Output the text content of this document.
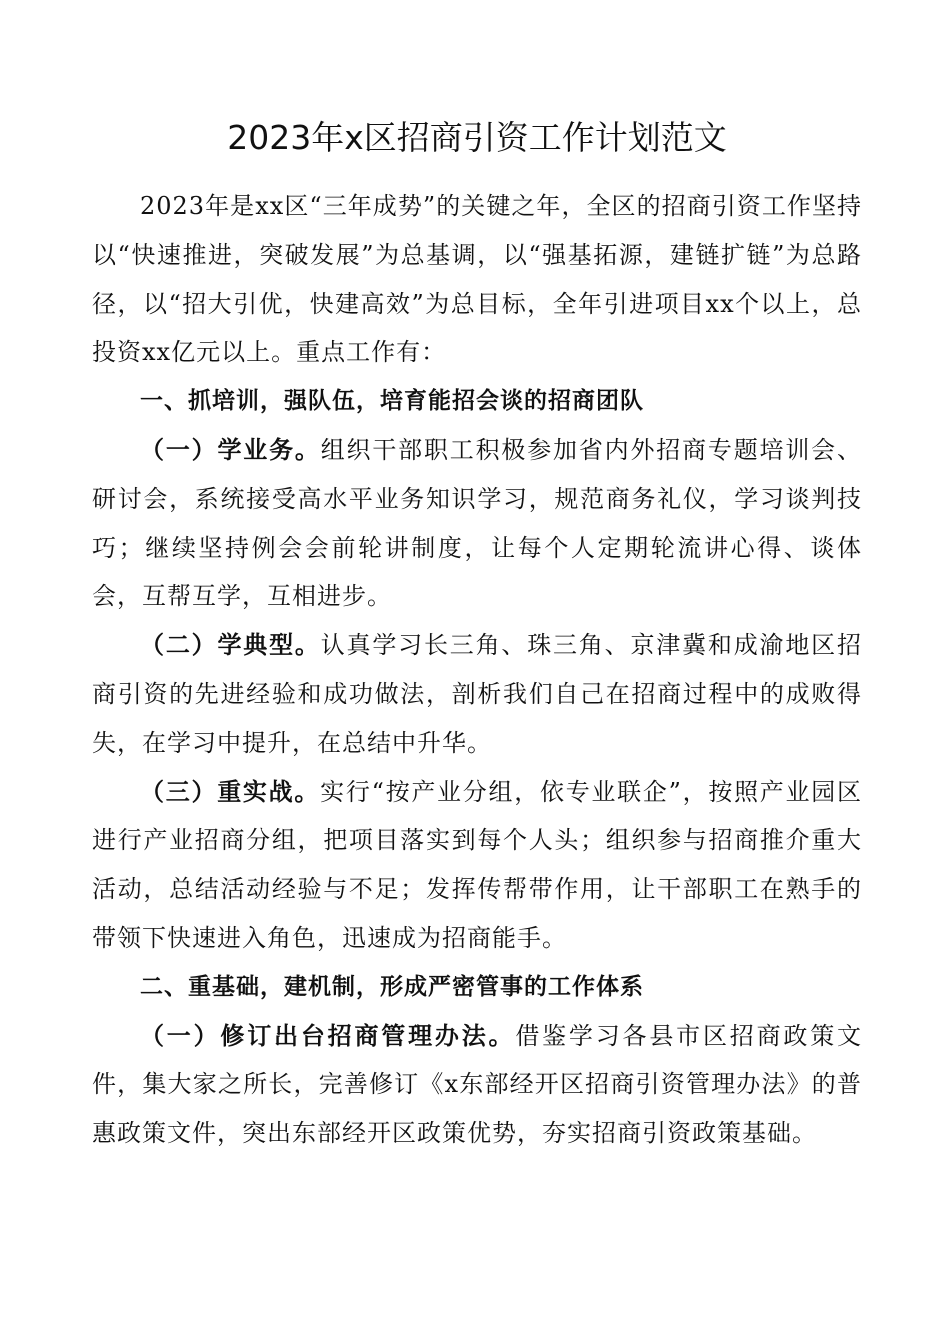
2023年x区招商引资工作计划范文

2023年是xx区“三年成势”的关键之年，全区的招商引资工作坚持以“快速推进，突破发展”为总基调，以“强基拓源，建链扩链”为总路径，以“招大引优，快建高效”为总目标，全年引进项目xx个以上，总投资xx亿元以上。重点工作有：

一、抓培训，强队伍，培育能招会谈的招商团队

（一）学业务。组织干部职工积极参加省内外招商专题培训会、研讨会，系统接受高水平业务知识学习，规范商务礼仪，学习谈判技巧；继续坚持例会会前轮讲制度，让每个人定期轮流讲心得、谈体会，互帮互学，互相进步。

（二）学典型。认真学习长三角、珠三角、京津冀和成渝地区招商引资的先进经验和成功做法，剖析我们自己在招商过程中的成败得失，在学习中提升，在总结中升华。

（三）重实战。实行“按产业分组，依专业联企”，按照产业园区进行产业招商分组，把项目落实到每个人头；组织参与招商推介重大活动，总结活动经验与不足；发挥传帮带作用，让干部职工在熟手的带领下快速进入角色，迅速成为招商能手。

二、重基础，建机制，形成严密管事的工作体系

（一）修订出台招商管理办法。借鉴学习各县市区招商政策文件，集大家之所长，完善修订《x东部经开区招商引资管理办法》的普惠政策文件，突出东部经开区政策优势，夯实招商引资政策基础。
